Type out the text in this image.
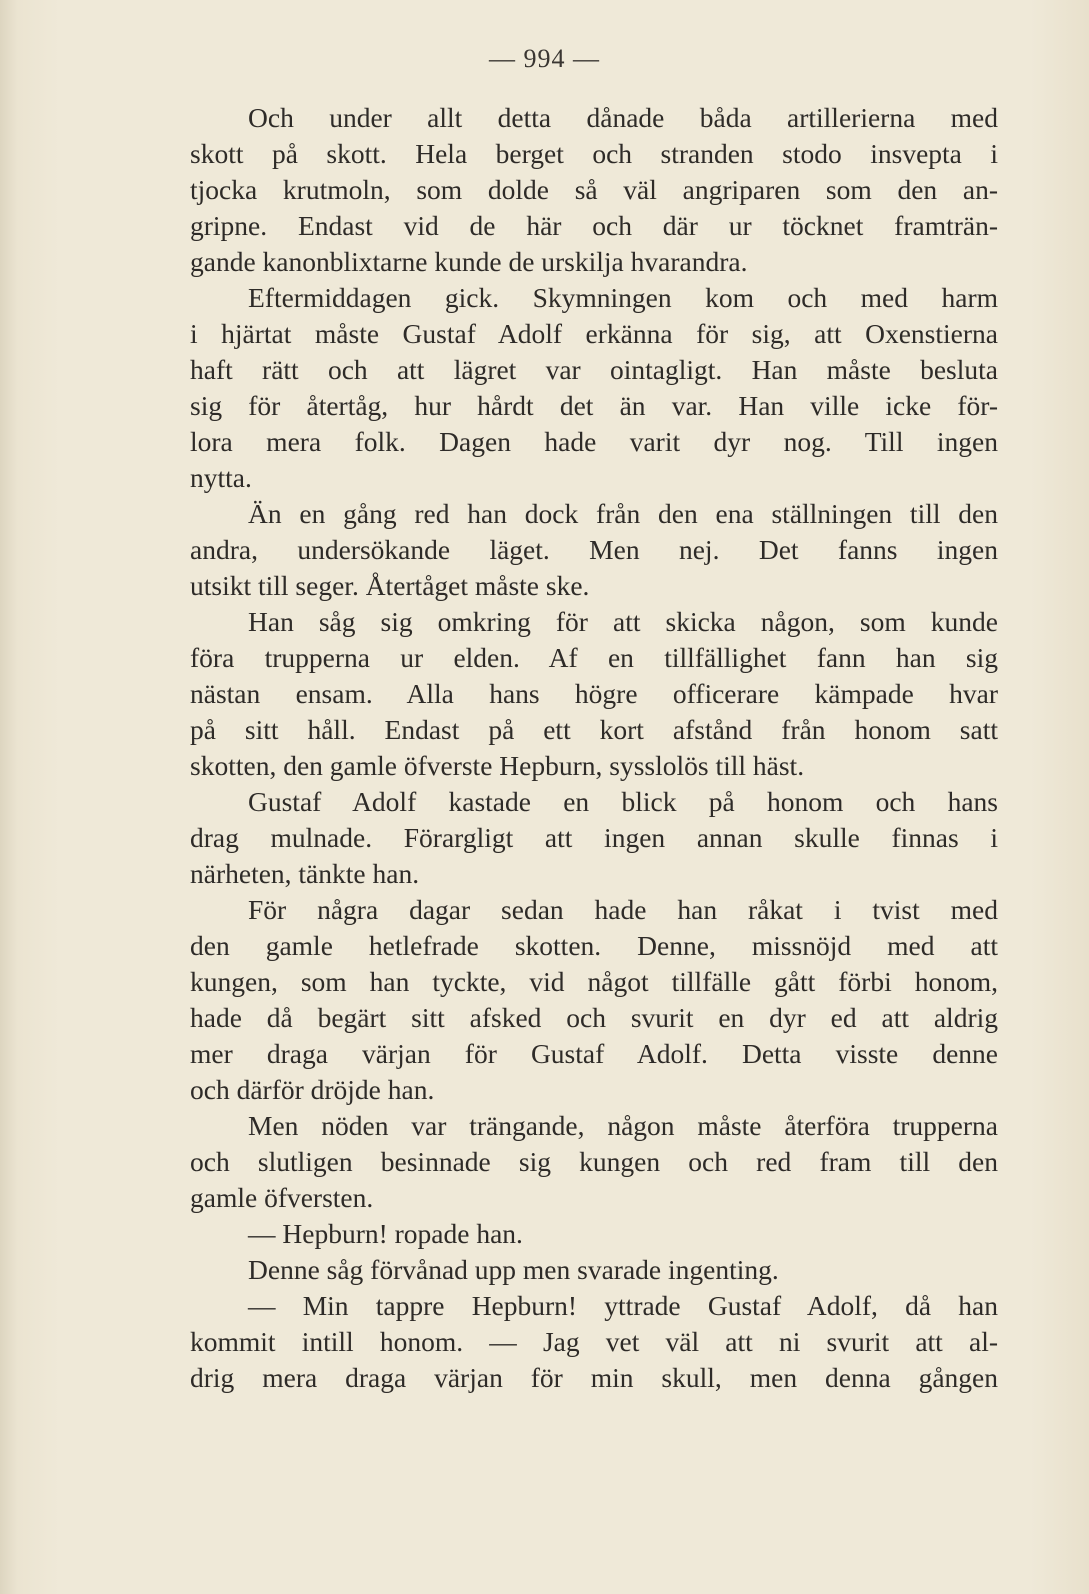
— 994 —
Och under allt detta dånade båda artillerierna med
skott på skott. Hela berget och stranden stodo insvepta i
tjocka krutmoln, som dolde så väl angriparen som den an-
gripne. Endast vid de här och där ur töcknet framträn-
gande kanonblixtarne kunde de urskilja hvarandra.
Eftermiddagen gick. Skymningen kom och med harm
i hjärtat måste Gustaf Adolf erkänna för sig, att Oxenstierna
haft rätt och att lägret var ointagligt. Han måste besluta
sig för återtåg, hur hårdt det än var. Han ville icke för-
lora mera folk. Dagen hade varit dyr nog. Till ingen
nytta.
Än en gång red han dock från den ena ställningen till den
andra, undersökande läget. Men nej. Det fanns ingen
utsikt till seger. Återtåget måste ske.
Han såg sig omkring för att skicka någon, som kunde
föra trupperna ur elden. Af en tillfällighet fann han sig
nästan ensam. Alla hans högre officerare kämpade hvar
på sitt håll. Endast på ett kort afstånd från honom satt
skotten, den gamle öfverste Hepburn, sysslolös till häst.
Gustaf Adolf kastade en blick på honom och hans
drag mulnade. Förargligt att ingen annan skulle finnas i
närheten, tänkte han.
För några dagar sedan hade han råkat i tvist med
den gamle hetlefrade skotten. Denne, missnöjd med att
kungen, som han tyckte, vid något tillfälle gått förbi honom,
hade då begärt sitt afsked och svurit en dyr ed att aldrig
mer draga värjan för Gustaf Adolf. Detta visste denne
och därför dröjde han.
Men nöden var trängande, någon måste återföra trupperna
och slutligen besinnade sig kungen och red fram till den
gamle öfversten.
— Hepburn! ropade han.
Denne såg förvånad upp men svarade ingenting.
— Min tappre Hepburn! yttrade Gustaf Adolf, då han
kommit intill honom. — Jag vet väl att ni svurit att al-
drig mera draga värjan för min skull, men denna gången
